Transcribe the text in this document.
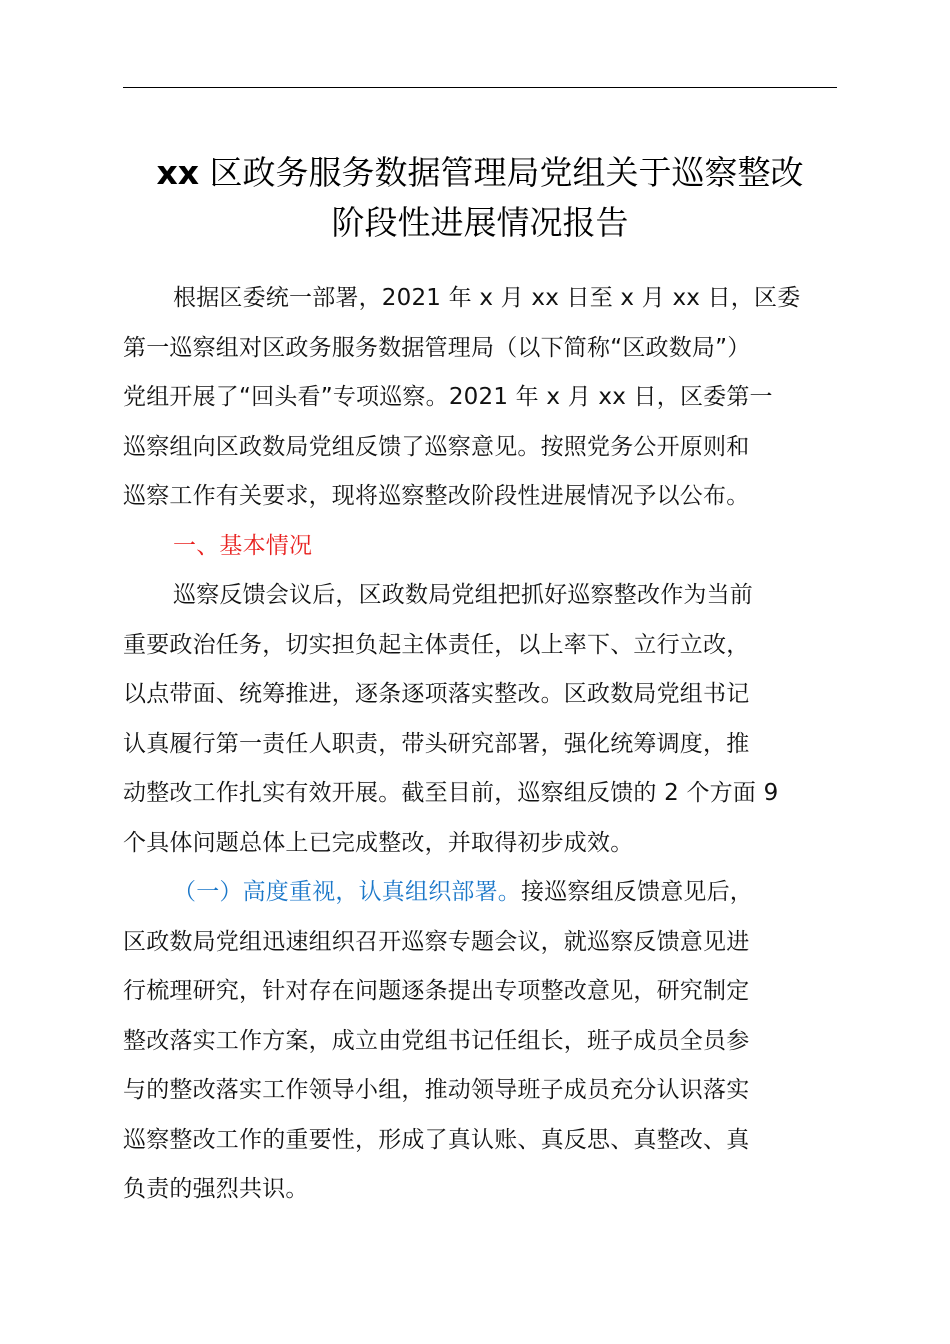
xx 区政务服务数据管理局党组关于巡察整改
阶段性进展情况报告
根据区委统一部署，2021 年 x 月 xx 日至 x 月 xx 日，区委
第一巡察组对区政务服务数据管理局（以下简称“区政数局”）
党组开展了“回头看”专项巡察。2021 年 x 月 xx 日，区委第一
巡察组向区政数局党组反馈了巡察意见。按照党务公开原则和
巡察工作有关要求，现将巡察整改阶段性进展情况予以公布。
一、基本情况
巡察反馈会议后，区政数局党组把抓好巡察整改作为当前
重要政治任务，切实担负起主体责任，以上率下、立行立改，
以点带面、统筹推进，逐条逐项落实整改。区政数局党组书记
认真履行第一责任人职责，带头研究部署，强化统筹调度，推
动整改工作扎实有效开展。截至目前，巡察组反馈的 2 个方面 9
个具体问题总体上已完成整改，并取得初步成效。
（一）高度重视，认真组织部署。接巡察组反馈意见后，
区政数局党组迅速组织召开巡察专题会议，就巡察反馈意见进
行梳理研究，针对存在问题逐条提出专项整改意见，研究制定
整改落实工作方案，成立由党组书记任组长，班子成员全员参
与的整改落实工作领导小组，推动领导班子成员充分认识落实
巡察整改工作的重要性，形成了真认账、真反思、真整改、真
负责的强烈共识。
